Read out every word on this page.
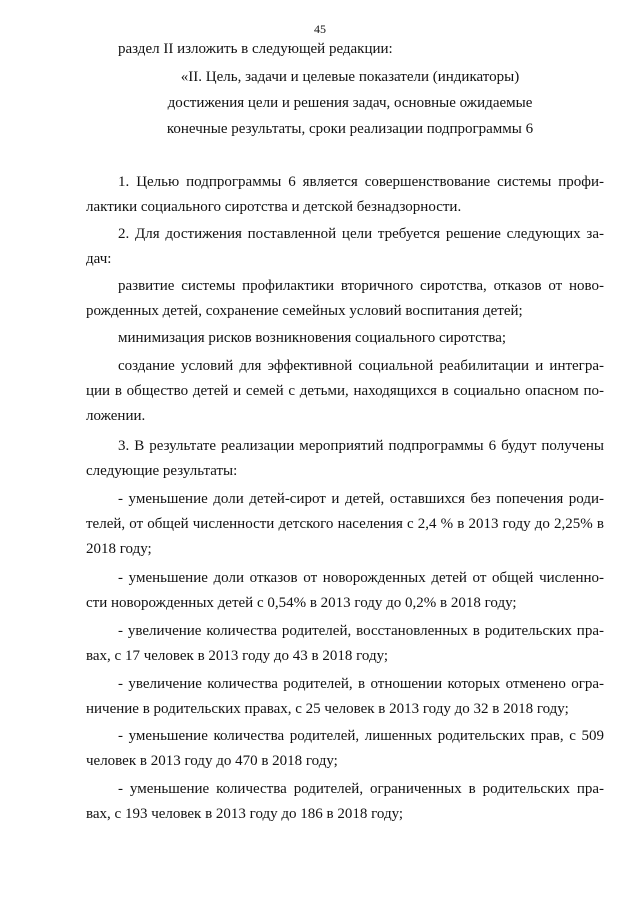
45
раздел II изложить в следующей редакции:
«II. Цель, задачи и целевые показатели (индикаторы)
достижения цели и решения задач, основные ожидаемые
конечные результаты, сроки реализации подпрограммы 6
1. Целью подпрограммы 6 является совершенствование системы профи-
лактики социального сиротства и детской безнадзорности.
2. Для достижения поставленной цели требуется решение следующих за-
дач:
развитие системы профилактики вторичного сиротства, отказов от ново-
рожденных детей, сохранение семейных условий воспитания детей;
минимизация рисков возникновения социального сиротства;
создание условий для эффективной социальной реабилитации и интегра-
ции в общество детей и семей с детьми, находящихся в социально опасном по-
ложении.
3. В результате реализации мероприятий подпрограммы 6 будут получены
следующие результаты:
- уменьшение доли детей-сирот и детей, оставшихся без попечения роди-
телей, от общей численности детского населения с 2,4 % в 2013 году до 2,25% в
2018 году;
- уменьшение доли отказов от новорожденных детей от общей численно-
сти новорожденных детей с 0,54% в 2013 году до 0,2% в 2018 году;
- увеличение количества родителей, восстановленных в родительских пра-
вах, с 17 человек в 2013 году до 43 в 2018 году;
- увеличение количества родителей, в отношении которых отменено огра-
ничение в родительских правах, с 25 человек в 2013 году до 32 в 2018 году;
- уменьшение количества родителей, лишенных родительских прав, с 509
человек в 2013 году до 470 в 2018 году;
- уменьшение количества родителей, ограниченных в родительских пра-
вах, с 193 человек в 2013 году до 186 в 2018 году;
